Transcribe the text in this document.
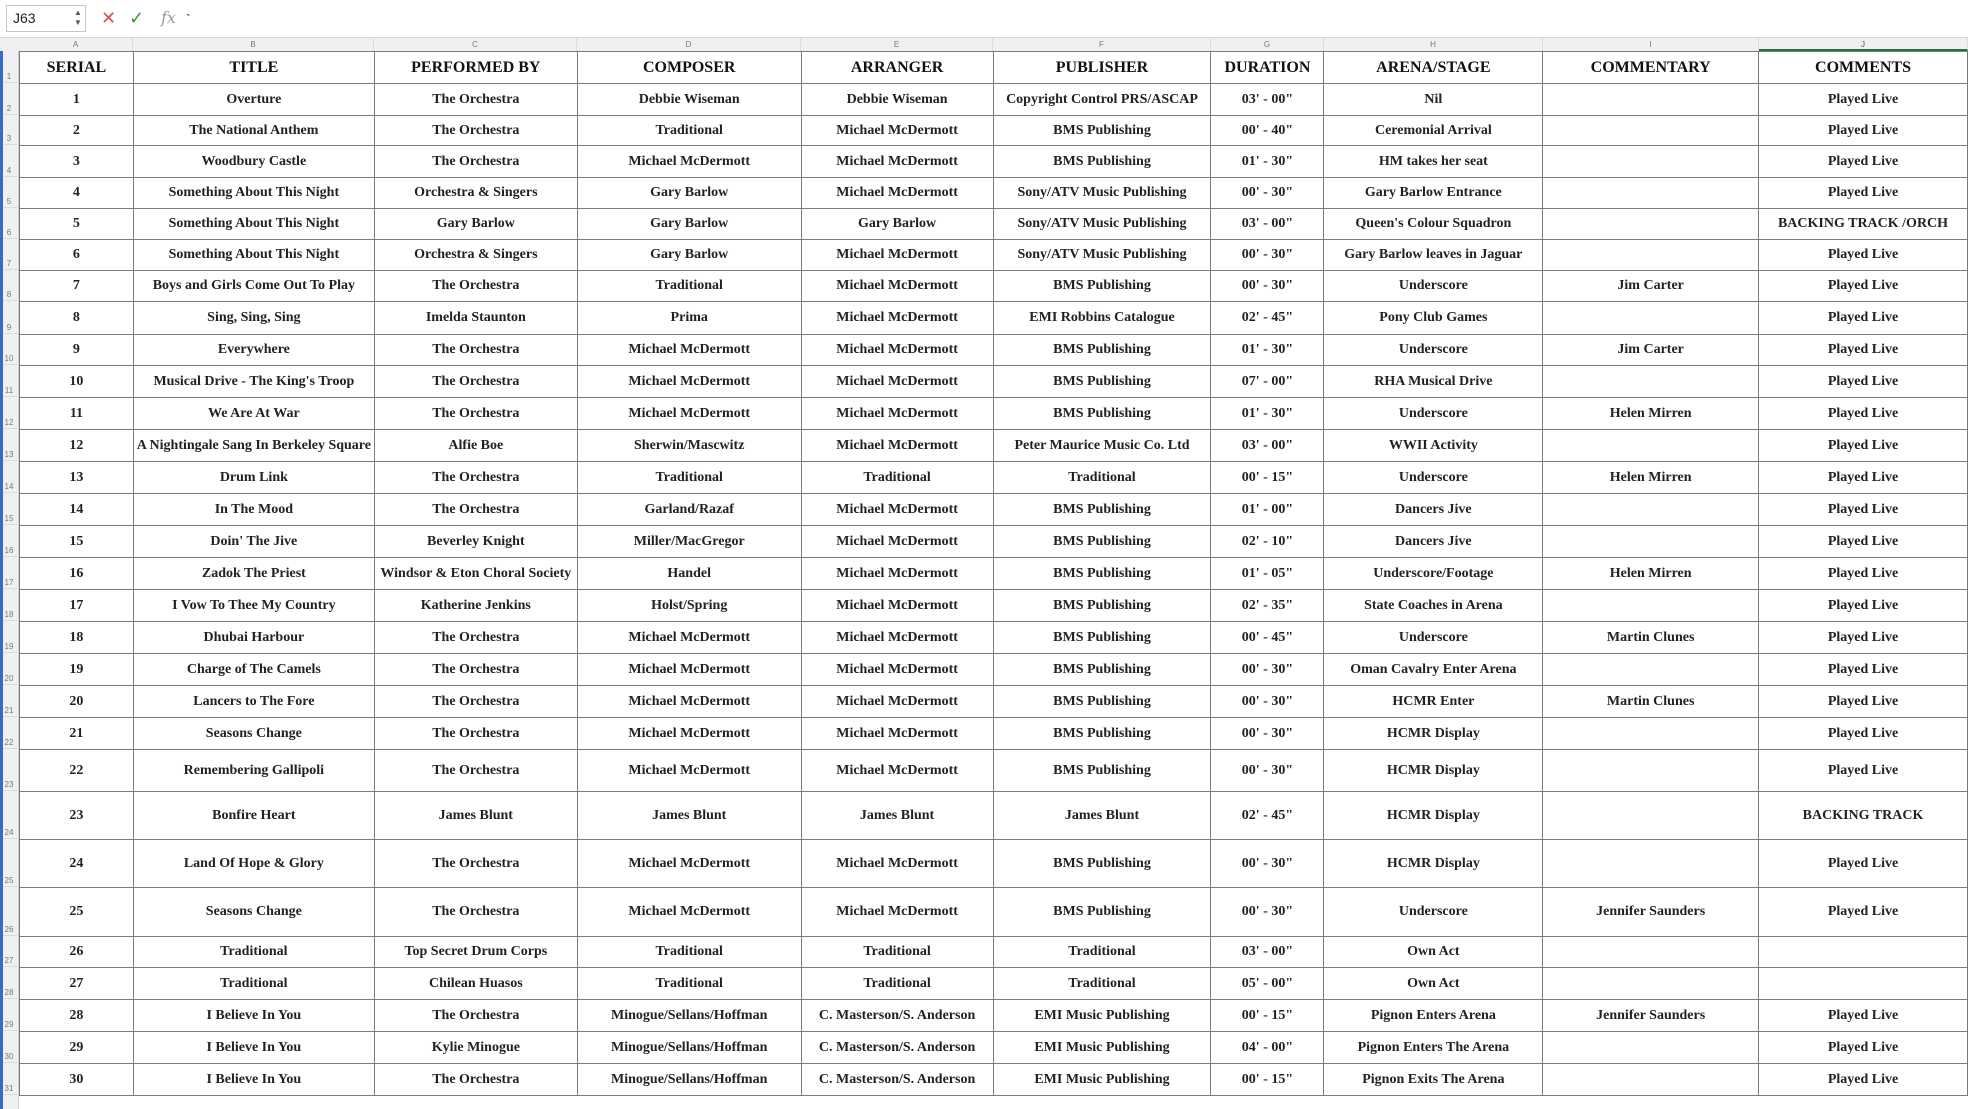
J63	▲
▼ ✕ ✓ fx `
A	B	C	D	E	F	G	H	I	J
1
2
3
4
5
6
7
8
9
10
11
12
13
14
15
16
17
18
19
20
21
22
23
24
25
26
27
28
29
30
31
SERIAL	TITLE	PERFORMED BY	COMPOSER	ARRANGER	PUBLISHER	DURATION	ARENA/STAGE	COMMENTARY	COMMENTS
1	Overture	The Orchestra	Debbie Wiseman	Debbie Wiseman	Copyright Control PRS/ASCAP	03' - 00"	Nil		Played Live
2	The National Anthem	The Orchestra	Traditional	Michael McDermott	BMS Publishing	00' - 40"	Ceremonial Arrival		Played Live
3	Woodbury Castle	The Orchestra	Michael McDermott	Michael McDermott	BMS Publishing	01' - 30"	HM takes her seat		Played Live
4	Something About This Night	Orchestra & Singers	Gary Barlow	Michael McDermott	Sony/ATV Music Publishing	00' - 30"	Gary Barlow Entrance		Played Live
5	Something About This Night	Gary Barlow	Gary Barlow	Gary Barlow	Sony/ATV Music Publishing	03' - 00"	Queen's Colour Squadron		BACKING TRACK /ORCH
6	Something About This Night	Orchestra & Singers	Gary Barlow	Michael McDermott	Sony/ATV Music Publishing	00' - 30"	Gary Barlow leaves in Jaguar		Played Live
7	Boys and Girls Come Out To Play	The Orchestra	Traditional	Michael McDermott	BMS Publishing	00' - 30"	Underscore	Jim Carter	Played Live
8	Sing, Sing, Sing	Imelda Staunton	Prima	Michael McDermott	EMI Robbins Catalogue	02' - 45"	Pony Club Games		Played Live
9	Everywhere	The Orchestra	Michael McDermott	Michael McDermott	BMS Publishing	01' - 30"	Underscore	Jim Carter	Played Live
10	Musical Drive - The King's Troop	The Orchestra	Michael McDermott	Michael McDermott	BMS Publishing	07' - 00"	RHA Musical Drive		Played Live
11	We Are At War	The Orchestra	Michael McDermott	Michael McDermott	BMS Publishing	01' - 30"	Underscore	Helen Mirren	Played Live
12	A Nightingale Sang In Berkeley Square	Alfie Boe	Sherwin/Mascwitz	Michael McDermott	Peter Maurice Music Co. Ltd	03' - 00"	WWII Activity		Played Live
13	Drum Link	The Orchestra	Traditional	Traditional	Traditional	00' - 15"	Underscore	Helen Mirren	Played Live
14	In The Mood	The Orchestra	Garland/Razaf	Michael McDermott	BMS Publishing	01' - 00"	Dancers Jive		Played Live
15	Doin' The Jive	Beverley Knight	Miller/MacGregor	Michael McDermott	BMS Publishing	02' - 10"	Dancers Jive		Played Live
16	Zadok The Priest	Windsor & Eton Choral Society	Handel	Michael McDermott	BMS Publishing	01' - 05"	Underscore/Footage	Helen Mirren	Played Live
17	I Vow To Thee My Country	Katherine Jenkins	Holst/Spring	Michael McDermott	BMS Publishing	02' - 35"	State Coaches in Arena		Played Live
18	Dhubai Harbour	The Orchestra	Michael McDermott	Michael McDermott	BMS Publishing	00' - 45"	Underscore	Martin Clunes	Played Live
19	Charge of The Camels	The Orchestra	Michael McDermott	Michael McDermott	BMS Publishing	00' - 30"	Oman Cavalry Enter Arena		Played Live
20	Lancers to The Fore	The Orchestra	Michael McDermott	Michael McDermott	BMS Publishing	00' - 30"	HCMR Enter	Martin Clunes	Played Live
21	Seasons Change	The Orchestra	Michael McDermott	Michael McDermott	BMS Publishing	00' - 30"	HCMR Display		Played Live
22	Remembering Gallipoli	The Orchestra	Michael McDermott	Michael McDermott	BMS Publishing	00' - 30"	HCMR Display		Played Live
23	Bonfire Heart	James Blunt	James Blunt	James Blunt	James Blunt	02' - 45"	HCMR Display		BACKING TRACK
24	Land Of Hope & Glory	The Orchestra	Michael McDermott	Michael McDermott	BMS Publishing	00' - 30"	HCMR Display		Played Live
25	Seasons Change	The Orchestra	Michael McDermott	Michael McDermott	BMS Publishing	00' - 30"	Underscore	Jennifer Saunders	Played Live
26	Traditional	Top Secret Drum Corps	Traditional	Traditional	Traditional	03' - 00"	Own Act		
27	Traditional	Chilean Huasos	Traditional	Traditional	Traditional	05' - 00"	Own Act		
28	I Believe In You	The Orchestra	Minogue/Sellans/Hoffman	C. Masterson/S. Anderson	EMI Music Publishing	00' - 15"	Pignon Enters Arena	Jennifer Saunders	Played Live
29	I Believe In You	Kylie Minogue	Minogue/Sellans/Hoffman	C. Masterson/S. Anderson	EMI Music Publishing	04' - 00"	Pignon Enters The Arena		Played Live
30	I Believe In You	The Orchestra	Minogue/Sellans/Hoffman	C. Masterson/S. Anderson	EMI Music Publishing	00' - 15"	Pignon Exits The Arena		Played Live
